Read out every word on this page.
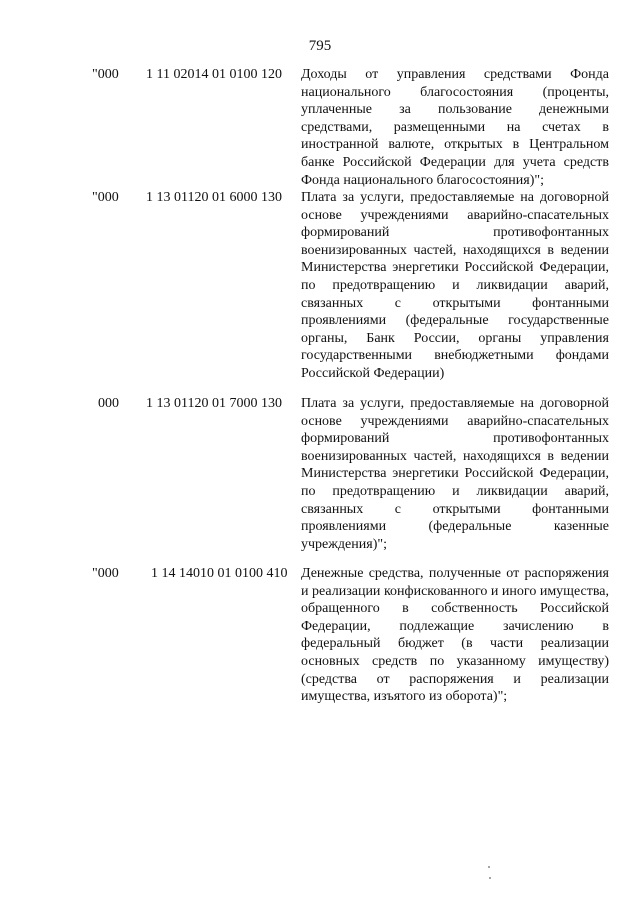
795
"000 1 11 02014 01 0100 120 Доходы от управления средствами Фонда национального благосостояния (проценты, уплаченные за пользование денежными средствами, размещенными на счетах в иностранной валюте, открытых в Центральном банке Российской Федерации для учета средств Фонда национального благосостояния)";
"000 1 13 01120 01 6000 130 Плата за услуги, предоставляемые на договорной основе учреждениями аварийно-спасательных формирований противофонтанных военизированных частей, находящихся в ведении Министерства энергетики Российской Федерации, по предотвращению и ликвидации аварий, связанных с открытыми фонтанными проявлениями (федеральные государственные органы, Банк России, органы управления государственными внебюджетными фондами Российской Федерации)
000 1 13 01120 01 7000 130 Плата за услуги, предоставляемые на договорной основе учреждениями аварийно-спасательных формирований противофонтанных военизированных частей, находящихся в ведении Министерства энергетики Российской Федерации, по предотвращению и ликвидации аварий, связанных с открытыми фонтанными проявлениями (федеральные казенные учреждения)";
"000 1 14 14010 01 0100 410 Денежные средства, полученные от распоряжения и реализации конфискованного и иного имущества, обращенного в собственность Российской Федерации, подлежащие зачислению в федеральный бюджет (в части реализации основных средств по указанному имуществу) (средства от распоряжения и реализации имущества, изъятого из оборота)";
